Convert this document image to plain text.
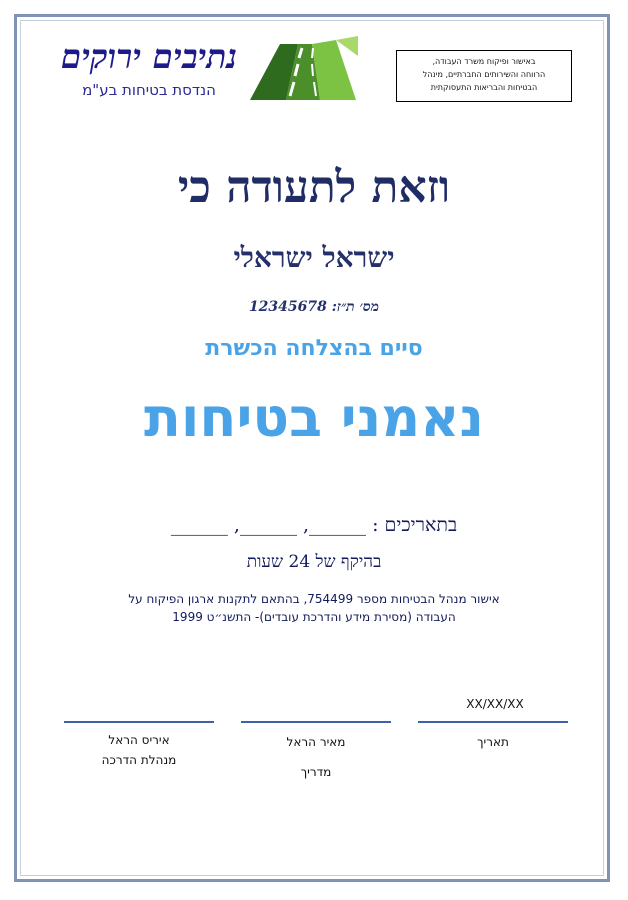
נתיבים ירוקים
הנדסת בטיחות בע"מ
באישור ופיקוח משרד העבודה,
הרווחה והשירותים החברתיים, מינהל
הבטיחות והבריאות התעסוקתית
וזאת לתעודה כי
ישראל ישראלי
מס׳ ת״ז: 12345678
סיים בהצלחה הכשרת
נאמני בטיחות
בתאריכים : ______, ______, ______
בהיקף של 24 שעות
אישור מנהל הבטיחות מספר 754499, בהתאם לתקנות ארגון הפיקוח על
העבודה (מסירת מידע והדרכת עובדים)- התשנ״ט 1999
XX/XX/XX
איריס הראל
מנהלת הדרכה
מאיר הראל
מדריך
תאריך
